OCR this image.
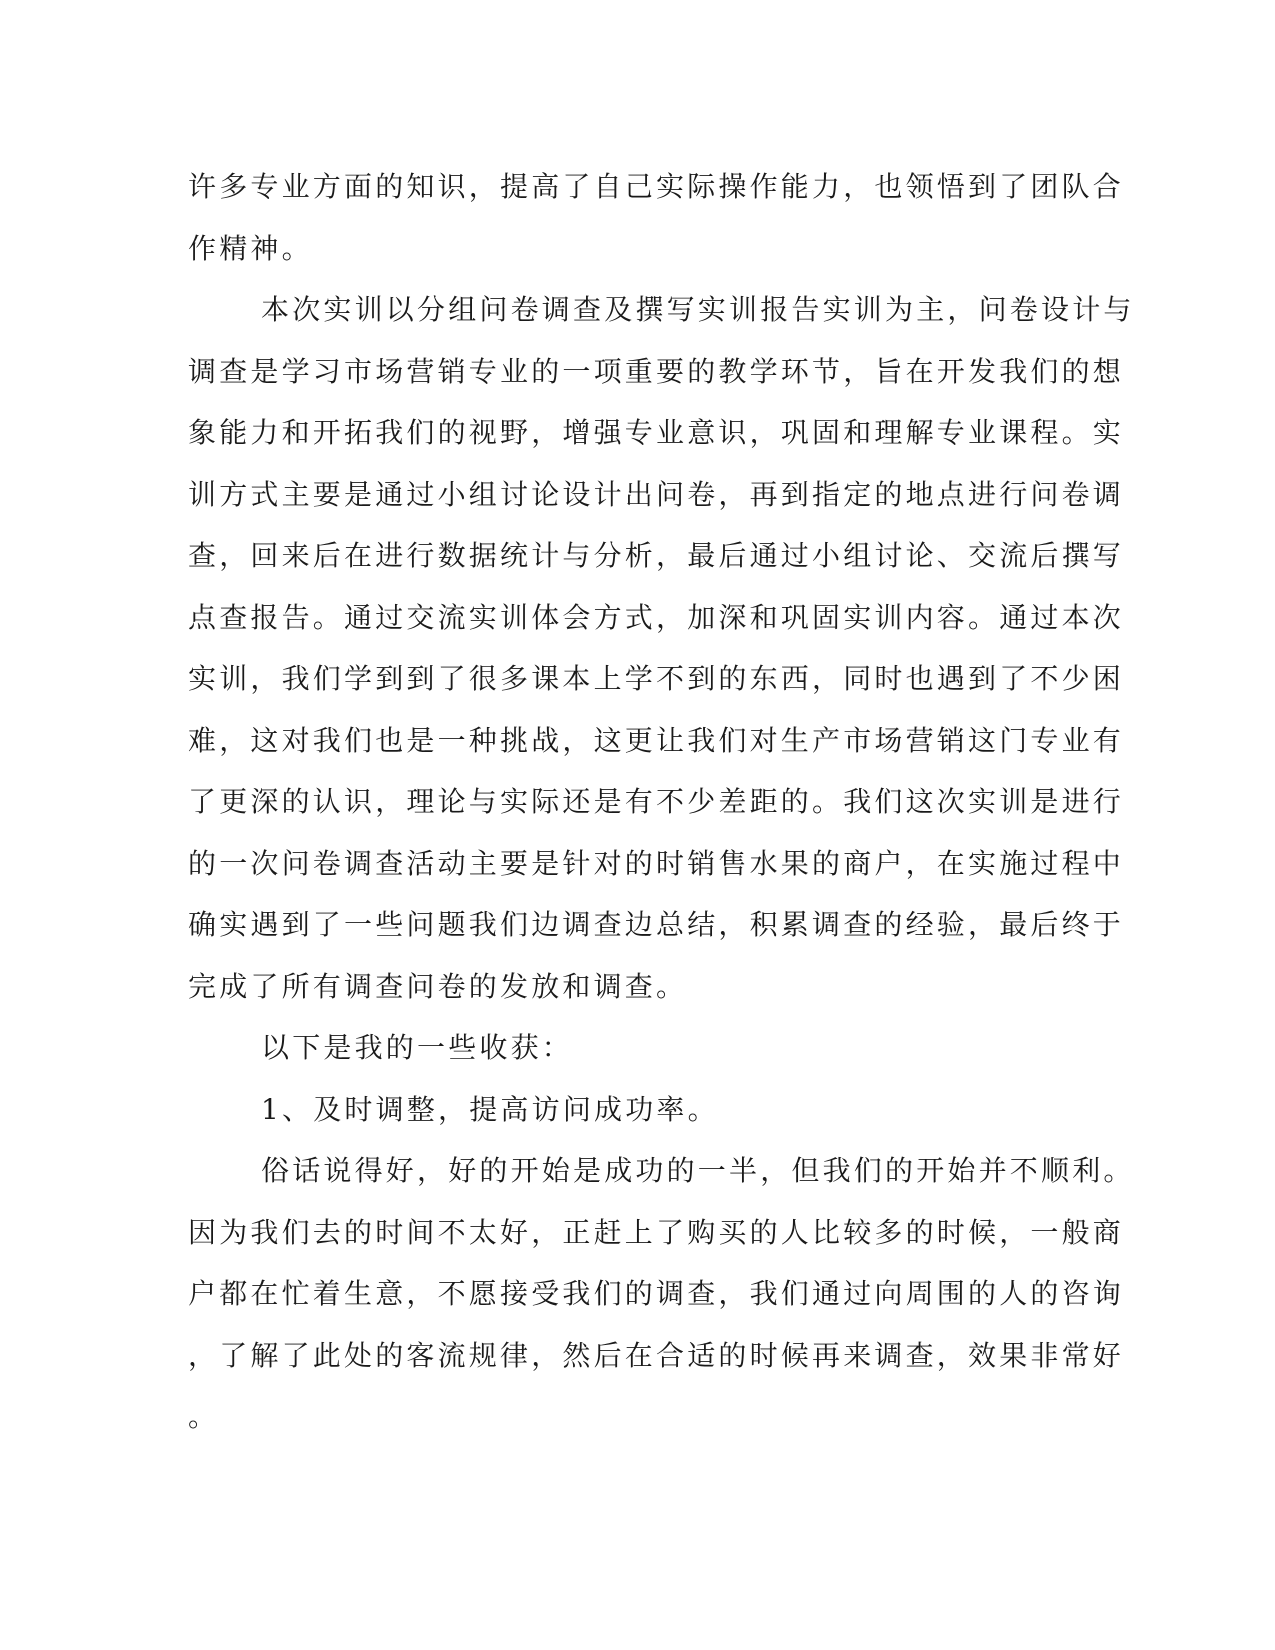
许多专业方面的知识，提高了自己实际操作能力，也领悟到了团队合
作精神。
本次实训以分组问卷调查及撰写实训报告实训为主，问卷设计与
调查是学习市场营销专业的一项重要的教学环节，旨在开发我们的想
象能力和开拓我们的视野，增强专业意识，巩固和理解专业课程。实
训方式主要是通过小组讨论设计出问卷，再到指定的地点进行问卷调
查，回来后在进行数据统计与分析，最后通过小组讨论、交流后撰写
点查报告。通过交流实训体会方式，加深和巩固实训内容。通过本次
实训，我们学到到了很多课本上学不到的东西，同时也遇到了不少困
难，这对我们也是一种挑战，这更让我们对生产市场营销这门专业有
了更深的认识，理论与实际还是有不少差距的。我们这次实训是进行
的一次问卷调查活动主要是针对的时销售水果的商户，在实施过程中
确实遇到了一些问题我们边调查边总结，积累调查的经验，最后终于
完成了所有调查问卷的发放和调查。
以下是我的一些收获：
1、及时调整，提高访问成功率。
俗话说得好，好的开始是成功的一半，但我们的开始并不顺利。
因为我们去的时间不太好，正赶上了购买的人比较多的时候，一般商
户都在忙着生意，不愿接受我们的调查，我们通过向周围的人的咨询
，了解了此处的客流规律，然后在合适的时候再来调查，效果非常好
。
